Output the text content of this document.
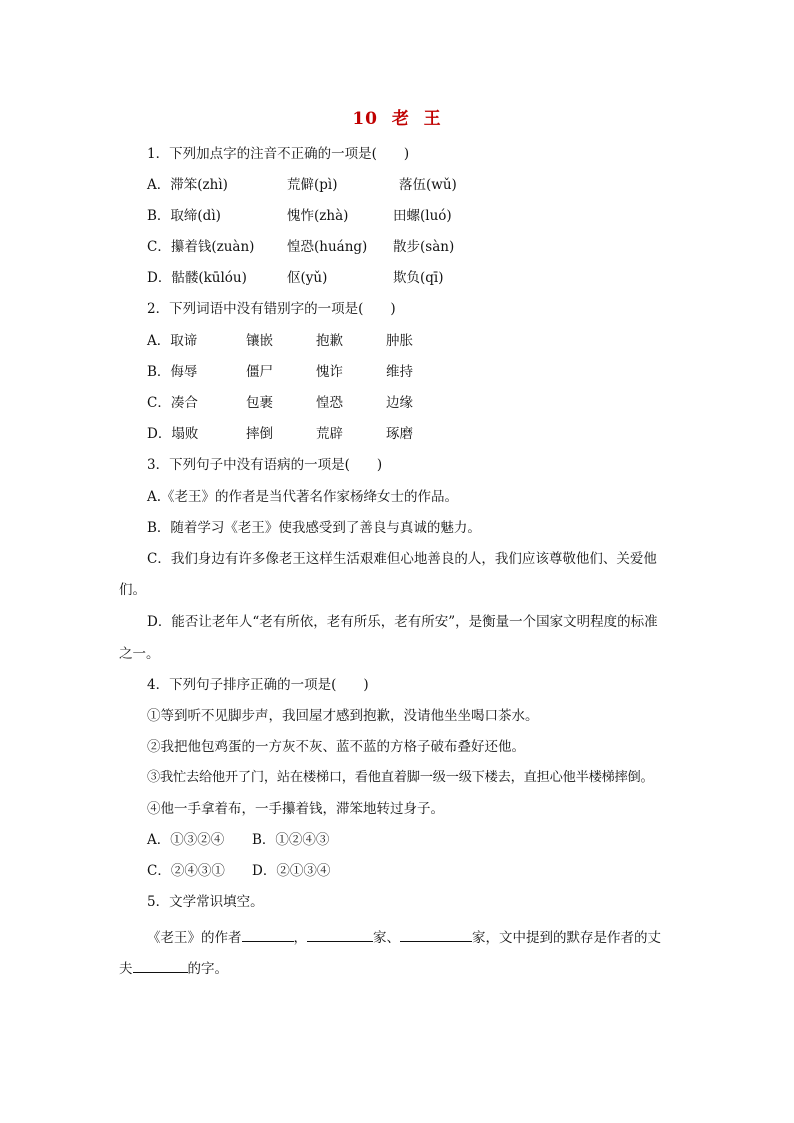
10  老  王
1．下列加点字的注音不正确的一项是(　　)
A．滞笨(zhì)	荒僻(pì)	落伍(wǔ)
B．取缔(dì)	愧怍(zhà)	田螺(luó)
C．攥着钱(zuàn) 惶恐(huáng) 散步(sàn)
D．骷髅(kūlóu)	伛(yǔ)	欺负(qī)
2．下列词语中没有错别字的一项是(　　)
A．取谛	镶嵌	抱歉	肿胀
B．侮辱	僵尸	愧诈	维持
C．凑合	包裹	惶恐	边缘
D．塌败	摔倒	荒辟	琢磨
3．下列句子中没有语病的一项是(　　)
A.《老王》的作者是当代著名作家杨绛女士的作品。
B．随着学习《老王》使我感受到了善良与真诚的魅力。
C．我们身边有许多像老王这样生活艰难但心地善良的人，我们应该尊敬他们、关爱他
们。
D．能否让老年人“老有所依，老有所乐，老有所安”，是衡量一个国家文明程度的标准
之一。
4．下列句子排序正确的一项是(　　)
①等到听不见脚步声，我回屋才感到抱歉，没请他坐坐喝口茶水。
②我把他包鸡蛋的一方灰不灰、蓝不蓝的方格子破布叠好还他。
③我忙去给他开了门，站在楼梯口，看他直着脚一级一级下楼去，直担心他半楼梯摔倒。
④他一手拿着布，一手攥着钱，滞笨地转过身子。
A．①③②④ B．①②④③
C．②④③① D．②①③④
5．文学常识填空。
《老王》的作者	，	家、	家，文中提到的默存是作者的丈
夫	的字。
